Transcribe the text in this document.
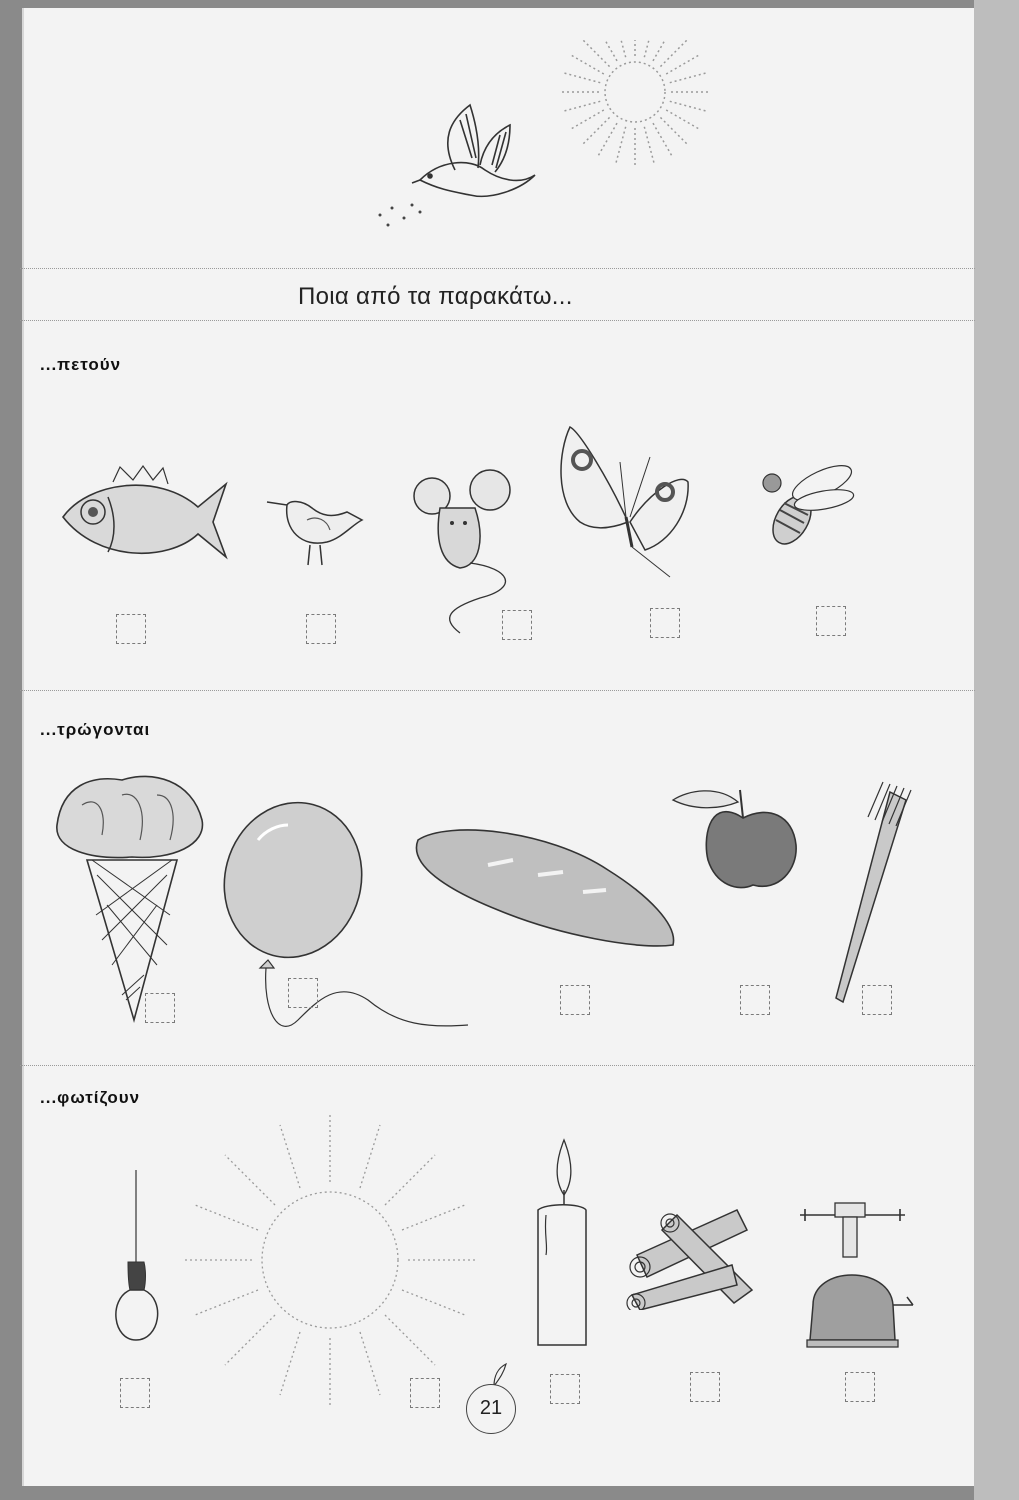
Ποια από τα παρακάτω...
...πετούν
...τρώγονται
...φωτίζουν
21
